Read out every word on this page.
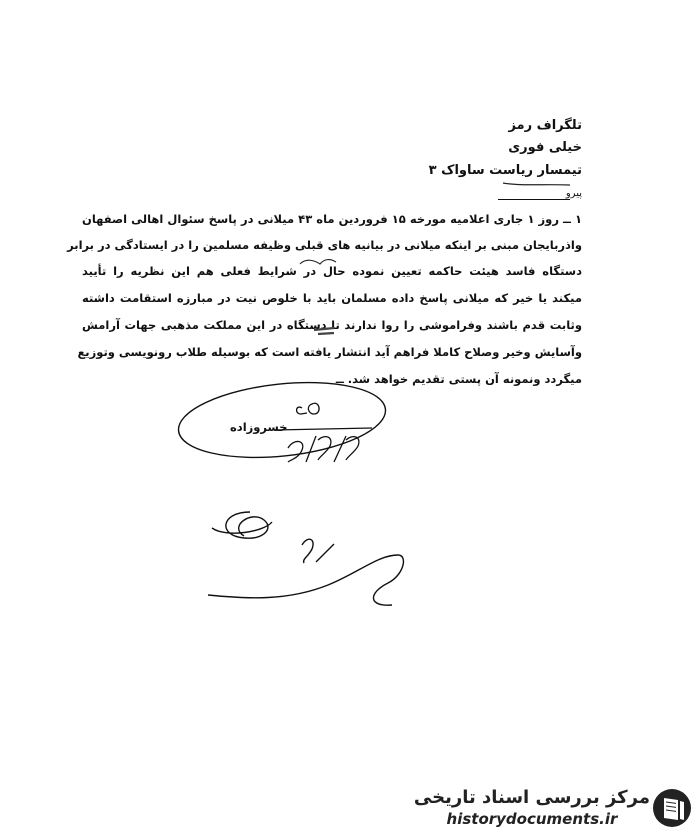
تلگراف رمز
خیلی فوری
تیمسار ریاست ساواک ۳
پیرو
۱ ــ روز ۱ جاری اعلامیه مورخه ۱۵ فروردین ماه ۴۳ میلانی در پاسخ سئوال اهالی اصفهان
واذربایجان مبنی بر اینکه میلانی در بیانیه های قبلی وظیفه مسلمین را در ایستادگی در برابر
دستگاه فاسد هیئت حاکمه تعیین نموده حال در شرایط فعلی هم این نظریه را تأیید
میکند یا خیر که میلانی پاسخ داده مسلمان باید با خلوص نیت در مبارزه استقامت داشته
وثابت قدم باشند وفراموشی را روا ندارند تا دستگاه در این مملکت مذهبی جهات آرامش
وآسایش وخیر وصلاح کاملا فراهم آید انتشار یافته است که بوسیله طلاب رونویسی وتوزیع
میگردد ونمونه آن پستی تقدیم خواهد شد. ــ
خسروزاده
مرکز بررسی اسناد تاریخی
historydocuments.ir
